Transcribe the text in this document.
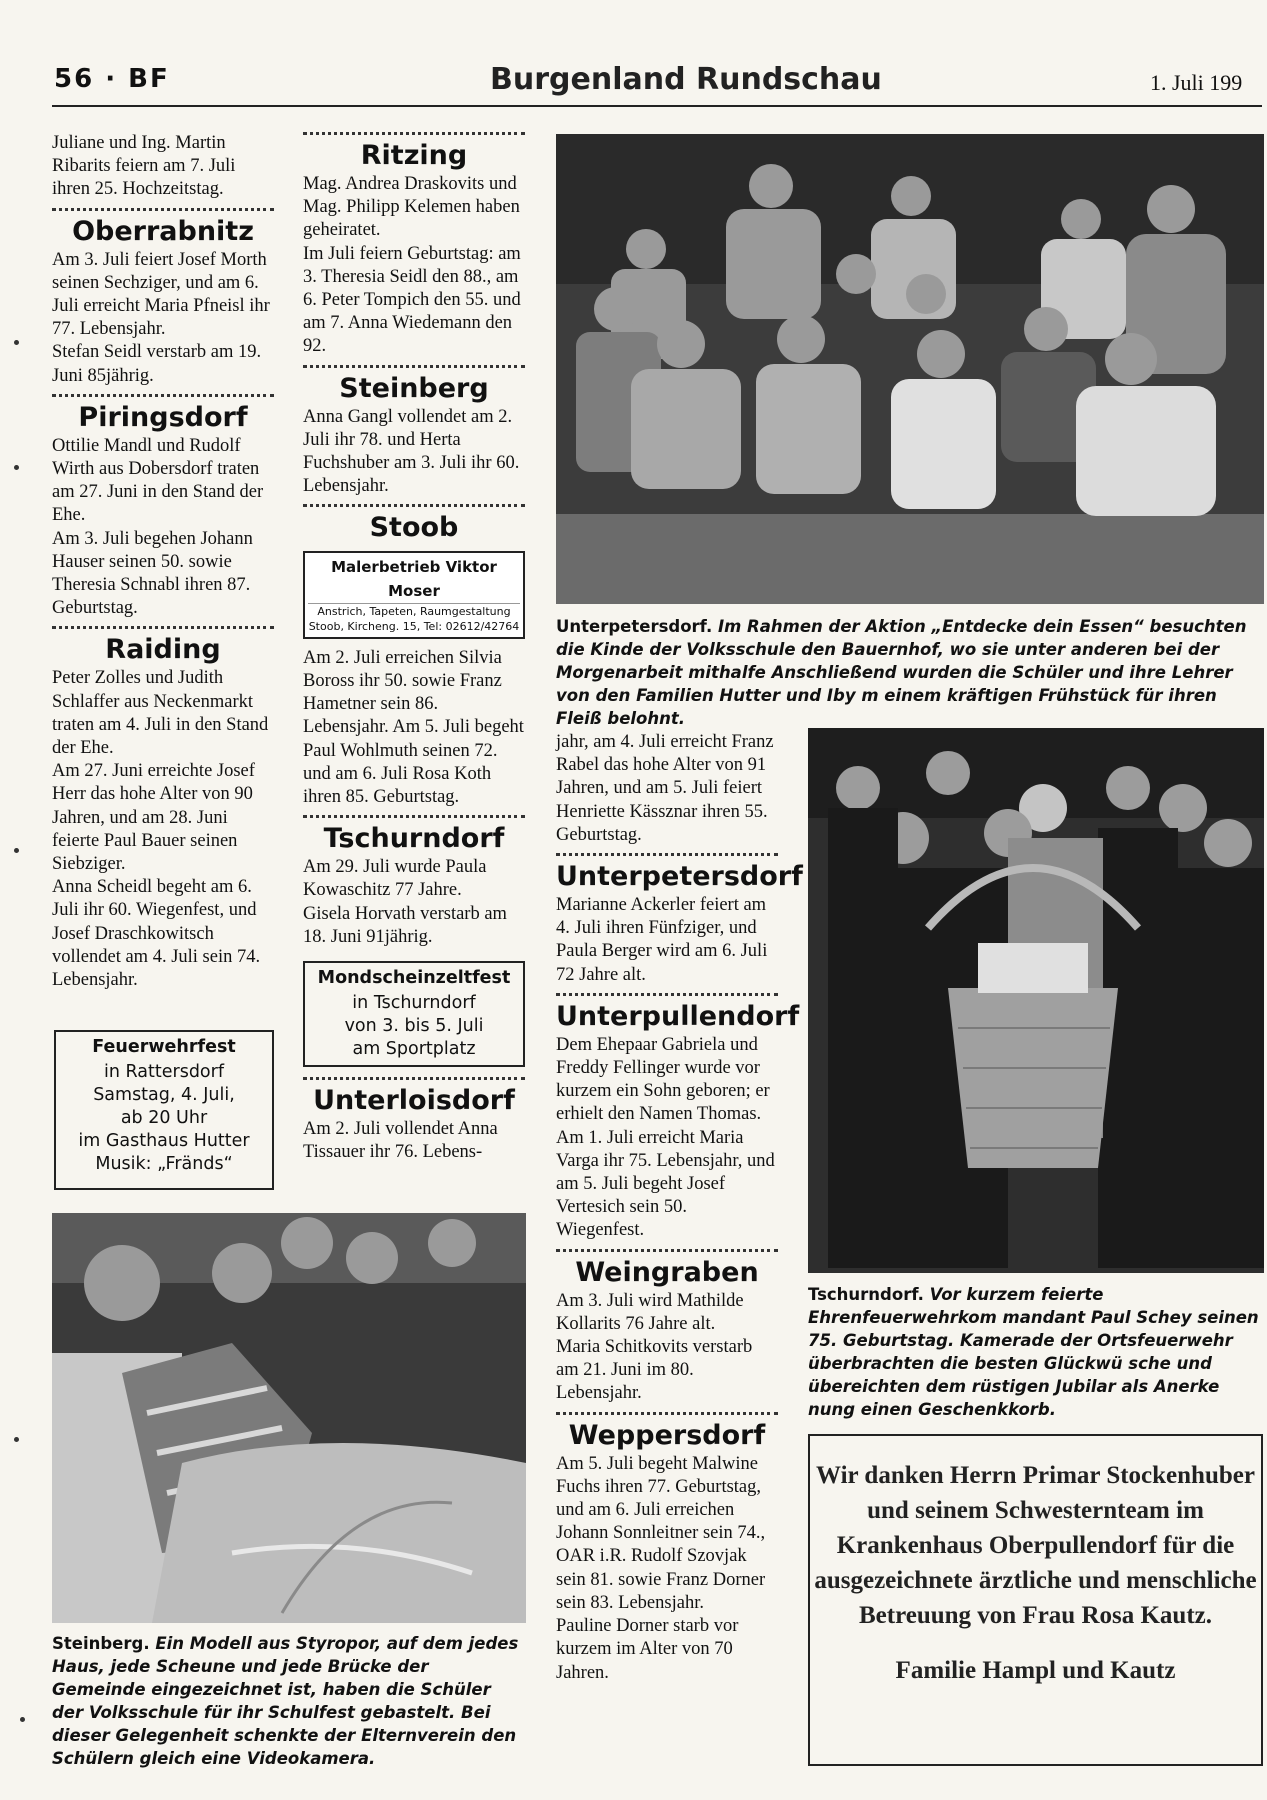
56 · BF	Burgenland Rundschau	1. Juli 199

Juliane und Ing. Martin Ribarits feiern am 7. Juli ihren 25. Hochzeitstag.

Oberrabnitz

Am 3. Juli feiert Josef Morth seinen Sechziger, und am 6. Juli erreicht Maria Pfneisl ihr 77. Lebensjahr.

Stefan Seidl verstarb am 19. Juni 85jährig.

Piringsdorf

Ottilie Mandl und Rudolf Wirth aus Dobersdorf traten am 27. Juni in den Stand der Ehe.

Am 3. Juli begehen Johann Hauser seinen 50. sowie Theresia Schnabl ihren 87. Geburtstag.

Raiding

Peter Zolles und Judith Schlaffer aus Neckenmarkt traten am 4. Juli in den Stand der Ehe.

Am 27. Juni erreichte Josef Herr das hohe Alter von 90 Jahren, und am 28. Juni feierte Paul Bauer seinen Siebziger.

Anna Scheidl begeht am 6. Juli ihr 60. Wiegenfest, und Josef Draschkowitsch vollendet am 4. Juli sein 74. Lebensjahr.

Feuerwehrfest
in Rattersdorf
Samstag, 4. Juli,
ab 20 Uhr
im Gasthaus Hutter
Musik: „Fränds“

Ritzing

Mag. Andrea Draskovits und Mag. Philipp Kelemen haben geheiratet.

Im Juli feiern Geburtstag: am 3. Theresia Seidl den 88., am 6. Peter Tompich den 55. und am 7. Anna Wiedemann den 92.

Steinberg

Anna Gangl vollendet am 2. Juli ihr 78. und Herta Fuchshuber am 3. Juli ihr 60. Lebensjahr.

Stoob

Malerbetrieb Viktor Moser
Anstrich, Tapeten, Raumgestaltung
Stoob, Kircheng. 15, Tel: 02612/42764

Am 2. Juli erreichen Silvia Boross ihr 50. sowie Franz Hametner sein 86. Lebensjahr. Am 5. Juli begeht Paul Wohlmuth seinen 72. und am 6. Juli Rosa Koth ihren 85. Geburtstag.

Tschurndorf

Am 29. Juli wurde Paula Kowaschitz 77 Jahre.

Gisela Horvath verstarb am 18. Juni 91jährig.

Mondscheinzeltfest
in Tschurndorf
von 3. bis 5. Juli
am Sportplatz

Unterloisdorf

Am 2. Juli vollendet Anna Tissauer ihr 76. Lebens-

Unterpetersdorf. Im Rahmen der Aktion „Entdecke dein Essen“ besuchten die Kinde der Volksschule den Bauernhof, wo sie unter anderen bei der Morgenarbeit mithalfe Anschließend wurden die Schüler und ihre Lehrer von den Familien Hutter und Iby m einem kräftigen Frühstück für ihren Fleiß belohnt.

jahr, am 4. Juli erreicht Franz Rabel das hohe Alter von 91 Jahren, und am 5. Juli feiert Henriette Kässznar ihren 55. Geburtstag.

Unterpetersdorf

Marianne Ackerler feiert am 4. Juli ihren Fünfziger, und Paula Berger wird am 6. Juli 72 Jahre alt.

Unterpullendorf

Dem Ehepaar Gabriela und Freddy Fellinger wurde vor kurzem ein Sohn geboren; er erhielt den Namen Thomas.

Am 1. Juli erreicht Maria Varga ihr 75. Lebensjahr, und am 5. Juli begeht Josef Vertesich sein 50. Wiegenfest.

Weingraben

Am 3. Juli wird Mathilde Kollarits 76 Jahre alt.

Maria Schitkovits verstarb am 21. Juni im 80. Lebensjahr.

Weppersdorf

Am 5. Juli begeht Malwine Fuchs ihren 77. Geburtstag, und am 6. Juli erreichen Johann Sonnleitner sein 74., OAR i.R. Rudolf Szovjak sein 81. sowie Franz Dorner sein 83. Lebensjahr.

Pauline Dorner starb vor kurzem im Alter von 70 Jahren.

Tschurndorf. Vor kurzem feierte Ehrenfeuerwehrkom mandant Paul Schey seinen 75. Geburtstag. Kamerade der Ortsfeuerwehr überbrachten die besten Glückwü sche und übereichten dem rüstigen Jubilar als Anerke nung einen Geschenkkorb.
Steinberg. Ein Modell aus Styropor, auf dem jedes Haus, jede Scheune und jede Brücke der Gemeinde eingezeichnet ist, haben die Schüler der Volksschule für ihr Schulfest gebastelt. Bei dieser Gelegenheit schenkte der Elternverein den Schülern gleich eine Videokamera.
Wir danken Herrn Primar Stockenhuber und seinem Schwesternteam im Krankenhaus Oberpullendorf für die ausgezeichnete ärztliche und menschliche Betreuung von Frau Rosa Kautz.
Familie Hampl und Kautz
